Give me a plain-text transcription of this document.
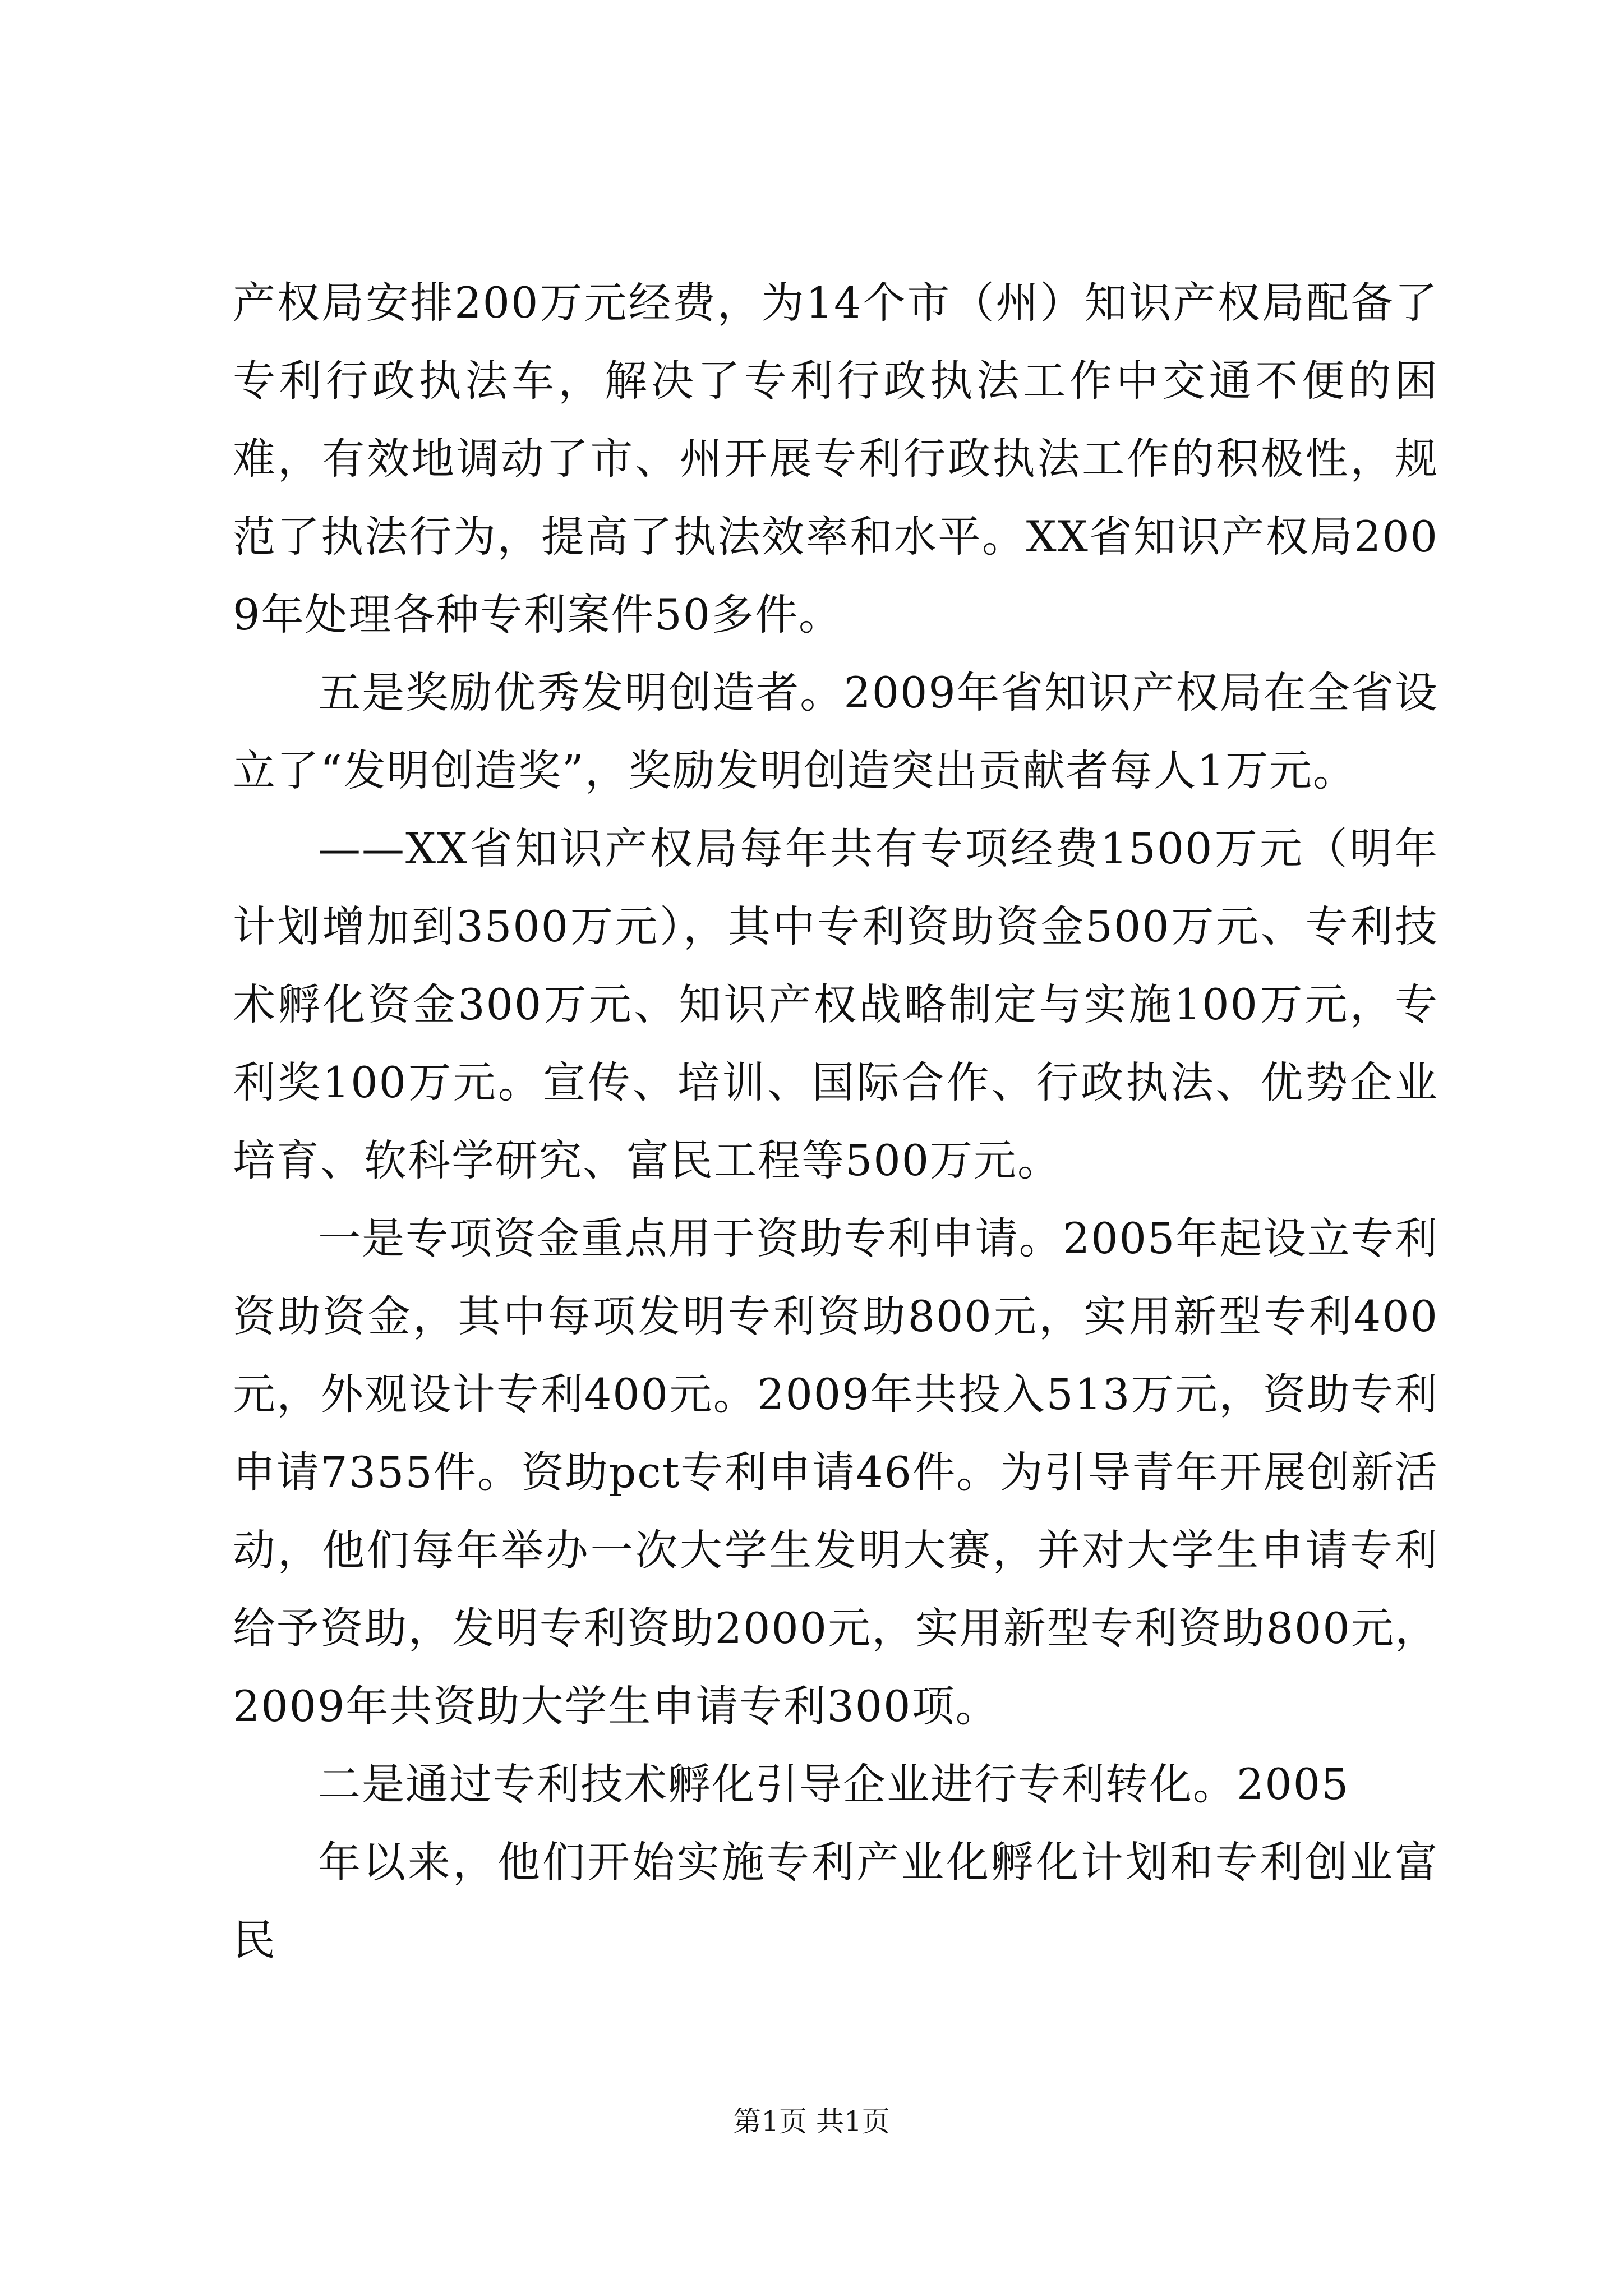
产权局安排200万元经费，为14个市（州）知识产权局配备了专利行政执法车，解决了专利行政执法工作中交通不便的困难，有效地调动了市、州开展专利行政执法工作的积极性，规范了执法行为，提高了执法效率和水平。XX省知识产权局2009年处理各种专利案件50多件。

五是奖励优秀发明创造者。2009年省知识产权局在全省设立了“发明创造奖”，奖励发明创造突出贡献者每人1万元。

——XX省知识产权局每年共有专项经费1500万元（明年计划增加到3500万元），其中专利资助资金500万元、专利技术孵化资金300万元、知识产权战略制定与实施100万元，专利奖100万元。宣传、培训、国际合作、行政执法、优势企业培育、软科学研究、富民工程等500万元。

一是专项资金重点用于资助专利申请。2005年起设立专利资助资金，其中每项发明专利资助800元，实用新型专利400元，外观设计专利400元。2009年共投入513万元，资助专利申请7355件。资助pct专利申请46件。为引导青年开展创新活动，他们每年举办一次大学生发明大赛，并对大学生申请专利给予资助，发明专利资助2000元，实用新型专利资助800元，2009年共资助大学生申请专利300项。

二是通过专利技术孵化引导企业进行专利转化。2005

年以来，他们开始实施专利产业化孵化计划和专利创业富民

第1页 共1页
